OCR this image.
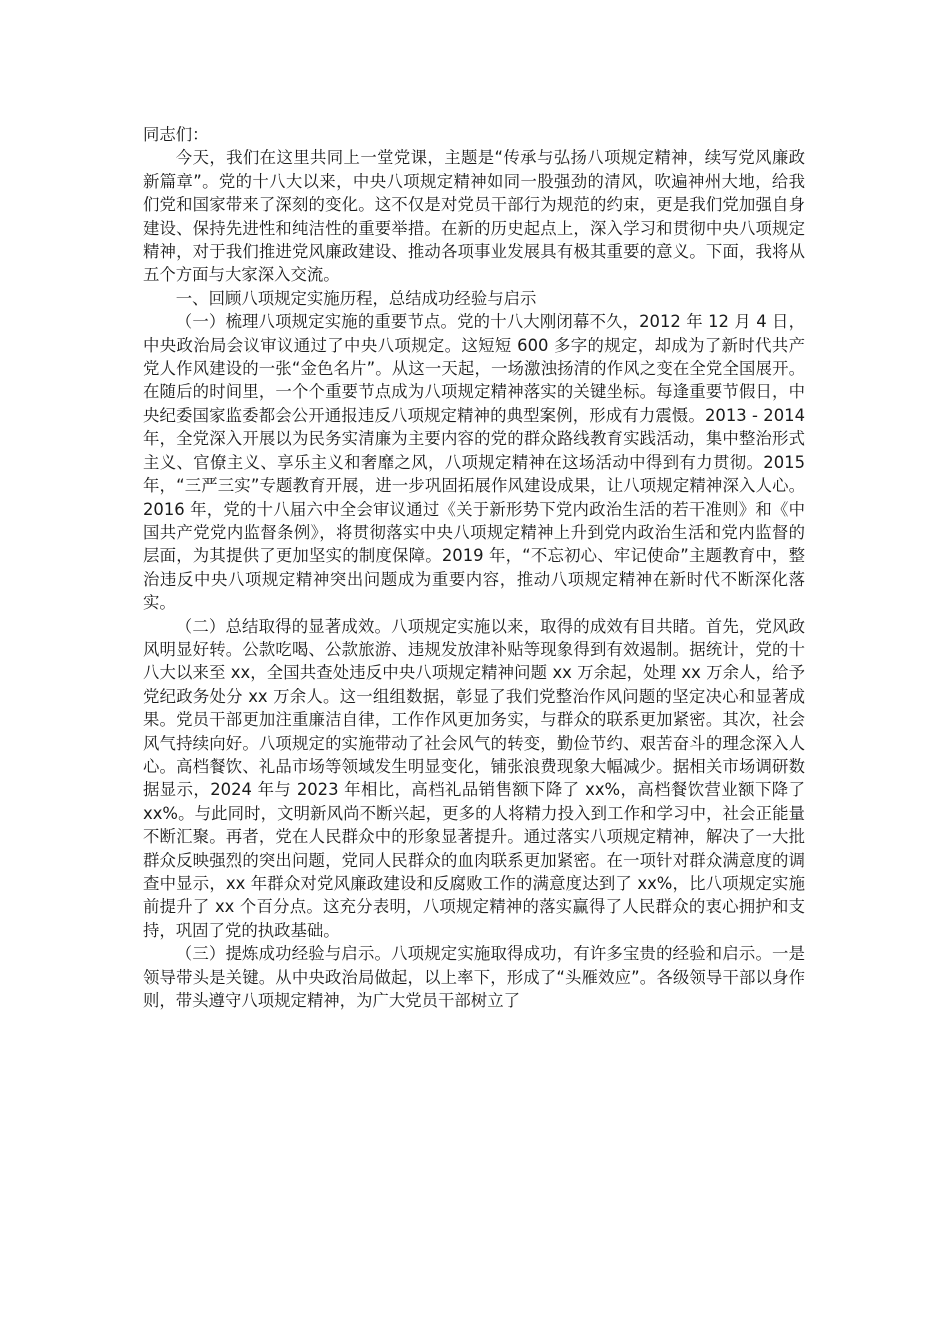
同志们：

今天，我们在这里共同上一堂党课，主题是“传承与弘扬八项规定精神，续写党风廉政新篇章”。党的十八大以来，中央八项规定精神如同一股强劲的清风，吹遍神州大地，给我们党和国家带来了深刻的变化。这不仅是对党员干部行为规范的约束，更是我们党加强自身建设、保持先进性和纯洁性的重要举措。在新的历史起点上，深入学习和贯彻中央八项规定精神，对于我们推进党风廉政建设、推动各项事业发展具有极其重要的意义。下面，我将从五个方面与大家深入交流。

一、回顾八项规定实施历程，总结成功经验与启示

（一）梳理八项规定实施的重要节点。党的十八大刚闭幕不久，2012 年 12 月 4 日，中央政治局会议审议通过了中央八项规定。这短短 600 多字的规定，却成为了新时代共产党人作风建设的一张“金色名片”。从这一天起，一场激浊扬清的作风之变在全党全国展开。在随后的时间里，一个个重要节点成为八项规定精神落实的关键坐标。每逢重要节假日，中央纪委国家监委都会公开通报违反八项规定精神的典型案例，形成有力震慑。2013 - 2014 年，全党深入开展以为民务实清廉为主要内容的党的群众路线教育实践活动，集中整治形式主义、官僚主义、享乐主义和奢靡之风，八项规定精神在这场活动中得到有力贯彻。2015 年，“三严三实”专题教育开展，进一步巩固拓展作风建设成果，让八项规定精神深入人心。2016 年，党的十八届六中全会审议通过《关于新形势下党内政治生活的若干准则》和《中国共产党党内监督条例》，将贯彻落实中央八项规定精神上升到党内政治生活和党内监督的层面，为其提供了更加坚实的制度保障。2019 年，“不忘初心、牢记使命”主题教育中，整治违反中央八项规定精神突出问题成为重要内容，推动八项规定精神在新时代不断深化落实。

（二）总结取得的显著成效。八项规定实施以来，取得的成效有目共睹。首先，党风政风明显好转。公款吃喝、公款旅游、违规发放津补贴等现象得到有效遏制。据统计，党的十八大以来至 xx，全国共查处违反中央八项规定精神问题 xx 万余起，处理 xx 万余人，给予党纪政务处分 xx 万余人。这一组组数据，彰显了我们党整治作风问题的坚定决心和显著成果。党员干部更加注重廉洁自律，工作作风更加务实，与群众的联系更加紧密。其次，社会风气持续向好。八项规定的实施带动了社会风气的转变，勤俭节约、艰苦奋斗的理念深入人心。高档餐饮、礼品市场等领域发生明显变化，铺张浪费现象大幅减少。据相关市场调研数据显示，2024 年与 2023 年相比，高档礼品销售额下降了 xx%，高档餐饮营业额下降了 xx%。与此同时，文明新风尚不断兴起，更多的人将精力投入到工作和学习中，社会正能量不断汇聚。再者，党在人民群众中的形象显著提升。通过落实八项规定精神，解决了一大批群众反映强烈的突出问题，党同人民群众的血肉联系更加紧密。在一项针对群众满意度的调查中显示，xx 年群众对党风廉政建设和反腐败工作的满意度达到了 xx%，比八项规定实施前提升了 xx 个百分点。这充分表明，八项规定精神的落实赢得了人民群众的衷心拥护和支持，巩固了党的执政基础。

（三）提炼成功经验与启示。八项规定实施取得成功，有许多宝贵的经验和启示。一是领导带头是关键。从中央政治局做起，以上率下，形成了“头雁效应”。各级领导干部以身作则，带头遵守八项规定精神，为广大党员干部树立了
